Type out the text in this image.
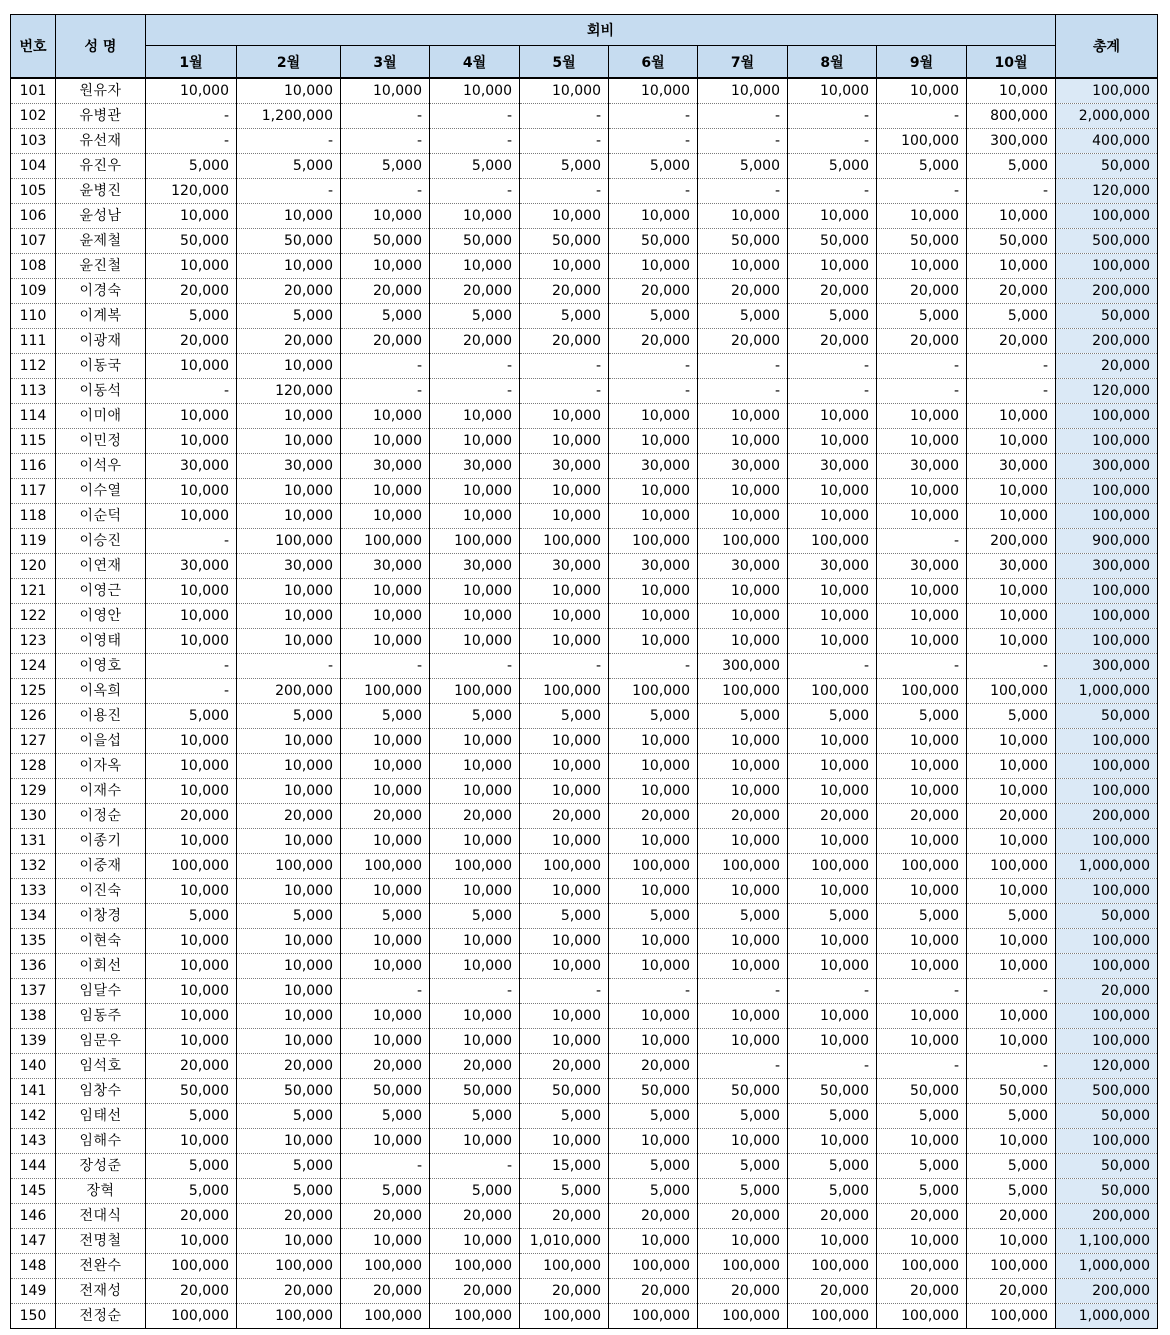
번호	성 명	회비										총계
		1월	2월	3월	4월	5월	6월	7월	8월	9월	10월	
101	원유자	10,000	10,000	10,000	10,000	10,000	10,000	10,000	10,000	10,000	10,000	100,000
102	유병관	-	1,200,000	-	-	-	-	-	-	-	800,000	2,000,000
103	유선재	-	-	-	-	-	-	-	-	100,000	300,000	400,000
104	유진우	5,000	5,000	5,000	5,000	5,000	5,000	5,000	5,000	5,000	5,000	50,000
105	윤병진	120,000	-	-	-	-	-	-	-	-	-	120,000
106	윤성남	10,000	10,000	10,000	10,000	10,000	10,000	10,000	10,000	10,000	10,000	100,000
107	윤제철	50,000	50,000	50,000	50,000	50,000	50,000	50,000	50,000	50,000	50,000	500,000
108	윤진철	10,000	10,000	10,000	10,000	10,000	10,000	10,000	10,000	10,000	10,000	100,000
109	이경숙	20,000	20,000	20,000	20,000	20,000	20,000	20,000	20,000	20,000	20,000	200,000
110	이계복	5,000	5,000	5,000	5,000	5,000	5,000	5,000	5,000	5,000	5,000	50,000
111	이광재	20,000	20,000	20,000	20,000	20,000	20,000	20,000	20,000	20,000	20,000	200,000
112	이동국	10,000	10,000	-	-	-	-	-	-	-	-	20,000
113	이동석	-	120,000	-	-	-	-	-	-	-	-	120,000
114	이미애	10,000	10,000	10,000	10,000	10,000	10,000	10,000	10,000	10,000	10,000	100,000
115	이민정	10,000	10,000	10,000	10,000	10,000	10,000	10,000	10,000	10,000	10,000	100,000
116	이석우	30,000	30,000	30,000	30,000	30,000	30,000	30,000	30,000	30,000	30,000	300,000
117	이수열	10,000	10,000	10,000	10,000	10,000	10,000	10,000	10,000	10,000	10,000	100,000
118	이순덕	10,000	10,000	10,000	10,000	10,000	10,000	10,000	10,000	10,000	10,000	100,000
119	이승진	-	100,000	100,000	100,000	100,000	100,000	100,000	100,000	-	200,000	900,000
120	이연재	30,000	30,000	30,000	30,000	30,000	30,000	30,000	30,000	30,000	30,000	300,000
121	이영근	10,000	10,000	10,000	10,000	10,000	10,000	10,000	10,000	10,000	10,000	100,000
122	이영안	10,000	10,000	10,000	10,000	10,000	10,000	10,000	10,000	10,000	10,000	100,000
123	이영태	10,000	10,000	10,000	10,000	10,000	10,000	10,000	10,000	10,000	10,000	100,000
124	이영호	-	-	-	-	-	-	300,000	-	-	-	300,000
125	이옥희	-	200,000	100,000	100,000	100,000	100,000	100,000	100,000	100,000	100,000	1,000,000
126	이용진	5,000	5,000	5,000	5,000	5,000	5,000	5,000	5,000	5,000	5,000	50,000
127	이을섭	10,000	10,000	10,000	10,000	10,000	10,000	10,000	10,000	10,000	10,000	100,000
128	이자옥	10,000	10,000	10,000	10,000	10,000	10,000	10,000	10,000	10,000	10,000	100,000
129	이재수	10,000	10,000	10,000	10,000	10,000	10,000	10,000	10,000	10,000	10,000	100,000
130	이정순	20,000	20,000	20,000	20,000	20,000	20,000	20,000	20,000	20,000	20,000	200,000
131	이종기	10,000	10,000	10,000	10,000	10,000	10,000	10,000	10,000	10,000	10,000	100,000
132	이중재	100,000	100,000	100,000	100,000	100,000	100,000	100,000	100,000	100,000	100,000	1,000,000
133	이진숙	10,000	10,000	10,000	10,000	10,000	10,000	10,000	10,000	10,000	10,000	100,000
134	이창경	5,000	5,000	5,000	5,000	5,000	5,000	5,000	5,000	5,000	5,000	50,000
135	이현숙	10,000	10,000	10,000	10,000	10,000	10,000	10,000	10,000	10,000	10,000	100,000
136	이회선	10,000	10,000	10,000	10,000	10,000	10,000	10,000	10,000	10,000	10,000	100,000
137	임달수	10,000	10,000	-	-	-	-	-	-	-	-	20,000
138	임동주	10,000	10,000	10,000	10,000	10,000	10,000	10,000	10,000	10,000	10,000	100,000
139	임문우	10,000	10,000	10,000	10,000	10,000	10,000	10,000	10,000	10,000	10,000	100,000
140	임석호	20,000	20,000	20,000	20,000	20,000	20,000	-	-	-	-	120,000
141	임창수	50,000	50,000	50,000	50,000	50,000	50,000	50,000	50,000	50,000	50,000	500,000
142	임태선	5,000	5,000	5,000	5,000	5,000	5,000	5,000	5,000	5,000	5,000	50,000
143	임해수	10,000	10,000	10,000	10,000	10,000	10,000	10,000	10,000	10,000	10,000	100,000
144	장성준	5,000	5,000	-	-	15,000	5,000	5,000	5,000	5,000	5,000	50,000
145	장혁	5,000	5,000	5,000	5,000	5,000	5,000	5,000	5,000	5,000	5,000	50,000
146	전대식	20,000	20,000	20,000	20,000	20,000	20,000	20,000	20,000	20,000	20,000	200,000
147	전명철	10,000	10,000	10,000	10,000	1,010,000	10,000	10,000	10,000	10,000	10,000	1,100,000
148	전완수	100,000	100,000	100,000	100,000	100,000	100,000	100,000	100,000	100,000	100,000	1,000,000
149	전재성	20,000	20,000	20,000	20,000	20,000	20,000	20,000	20,000	20,000	20,000	200,000
150	전정순	100,000	100,000	100,000	100,000	100,000	100,000	100,000	100,000	100,000	100,000	1,000,000
